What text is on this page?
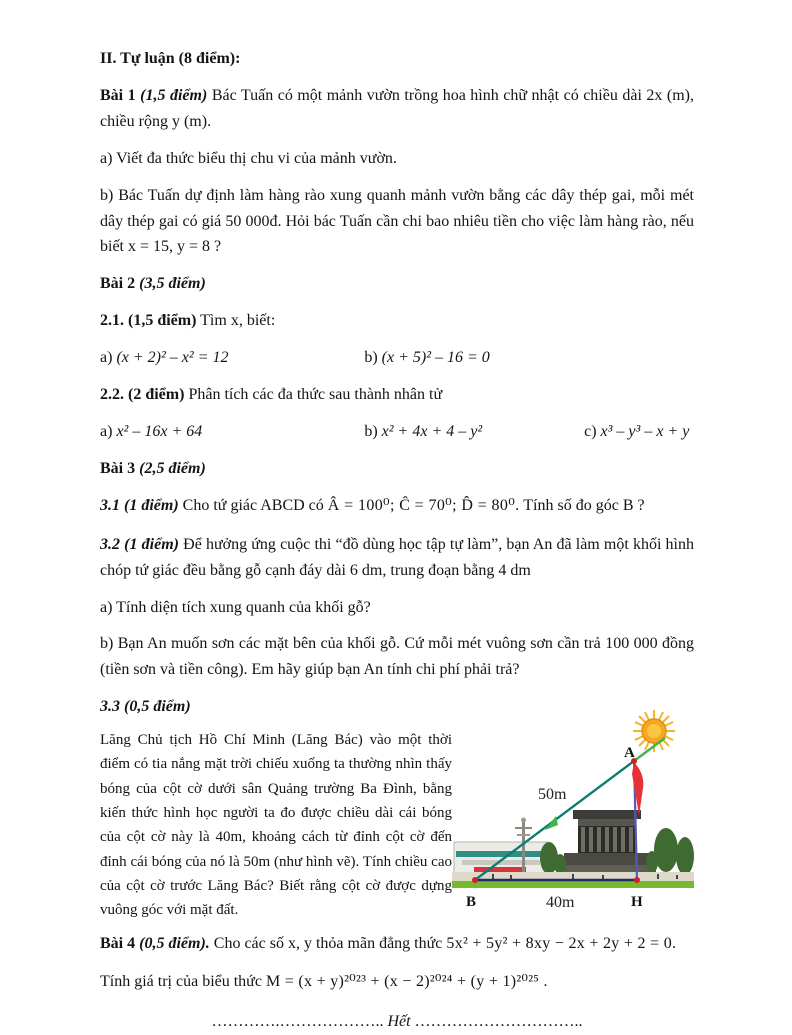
II. Tự luận (8 điểm):

Bài 1 (1,5 điểm) Bác Tuấn có một mảnh vườn trồng hoa hình chữ nhật có chiều dài 2x (m), chiều rộng y (m).

a) Viết đa thức biểu thị chu vi của mảnh vườn.

b) Bác Tuấn dự định làm hàng rào xung quanh mảnh vườn bằng các dây thép gai, mỗi mét dây thép gai có giá 50 000đ. Hỏi bác Tuấn cần chi bao nhiêu tiền cho việc làm hàng rào, nếu biết x = 15, y = 8 ?

Bài 2 (3,5 điểm)

2.1. (1,5 điểm) Tìm x, biết:

a) (x + 2)² – x² = 12	b) (x + 5)² – 16 = 0

2.2. (2 điểm) Phân tích các đa thức sau thành nhân tử

a) x² – 16x + 64	b) x² + 4x + 4 – y²	c) x³ – y³ – x + y

Bài 3 (2,5 điểm)

3.1 (1 điểm) Cho tứ giác ABCD có Â = 100⁰; Ĉ = 70⁰; D̂ = 80⁰. Tính số đo góc B ?

3.2 (1 điểm) Để hưởng ứng cuộc thi “đồ dùng học tập tự làm”, bạn An đã làm một khối hình chóp tứ giác đều bằng gỗ cạnh đáy dài 6 dm, trung đoạn bằng 4 dm

a) Tính diện tích xung quanh của khối gỗ?

b) Bạn An muốn sơn các mặt bên của khối gỗ. Cứ mỗi mét vuông sơn cần trả 100 000 đồng (tiền sơn và tiền công). Em hãy giúp bạn An tính chi phí phải trả?

3.3 (0,5 điểm)

Lăng Chủ tịch Hồ Chí Minh (Lăng Bác) vào một thời điểm có tia nắng mặt trời chiếu xuống ta thường nhìn thấy bóng của cột cờ dưới sân Quảng trường Ba Đình, bằng kiến thức hình học người ta đo được chiều dài cái bóng của cột cờ này là 40m, khoảng cách từ đỉnh cột cờ đến đỉnh cái bóng của nó là 50m (như hình vẽ). Tính chiều cao của cột cờ trước Lăng Bác? Biết rằng cột cờ được dựng vuông góc với mặt đất.

A
B	H
50m
40m

Bài 4 (0,5 điểm). Cho các số x, y thỏa mãn đẳng thức 5x² + 5y² + 8xy − 2x + 2y + 2 = 0.

Tính giá trị của biểu thức M = (x + y)²⁰²³ + (x − 2)²⁰²⁴ + (y + 1)²⁰²⁵ .

………….……………….. Hết …………………………..
